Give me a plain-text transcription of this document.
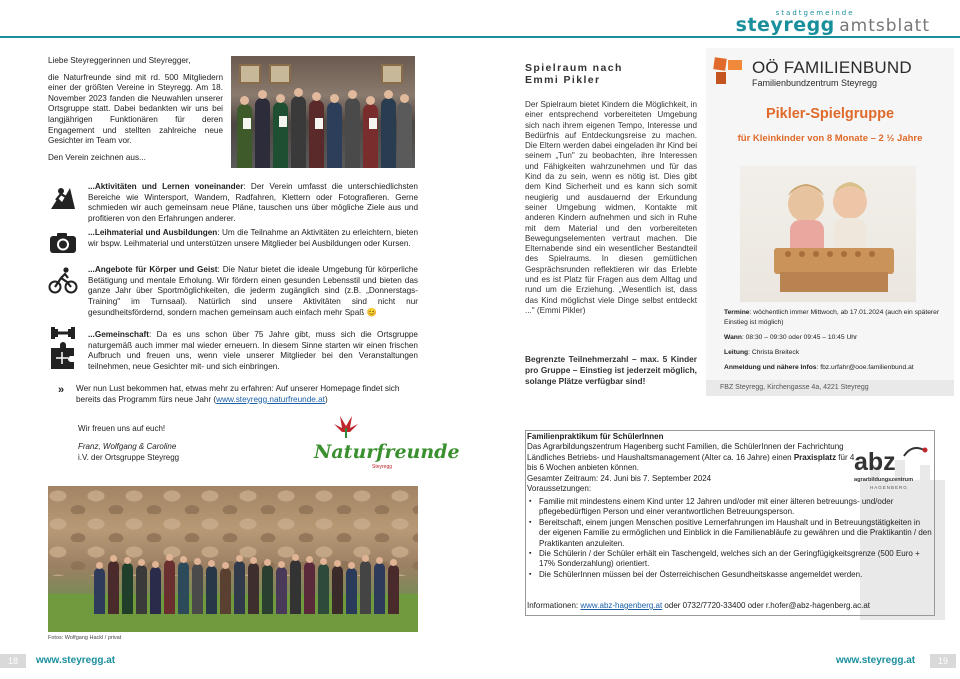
stadtgemeinde
steyregg amtsblatt

Liebe Steyreggerinnen und Steyregger,

die Naturfreunde sind mit rd. 500 Mitgliedern einer der größten Vereine in Steyregg. Am 18. November 2023 fanden die Neuwahlen unserer Ortsgruppe statt. Dabei bedankten wir uns bei langjährigen Funktionären für deren Engagement und stellten zahlreiche neue Gesichter im Team vor.

Den Verein zeichnen aus...

...Aktivitäten und Lernen voneinander: Der Verein umfasst die unterschiedlichsten Bereiche wie Wintersport, Wandern, Radfahren, Klettern oder Fotografieren. Gerne schmieden wir auch gemeinsam neue Pläne, tauschen uns über mögliche Ziele aus und profitieren von den Erfahrungen anderer.
...Leihmaterial und Ausbildungen: Um die Teilnahme an Aktivitäten zu erleichtern, bieten wir bspw. Leihmaterial und unterstützen unsere Mitglieder bei Ausbildungen oder Kursen.
...Angebote für Körper und Geist: Die Natur bietet die ideale Umgebung für körperliche Betätigung und mentale Erholung. Wir fördern einen gesunden Lebensstil und bieten das ganze Jahr über Sportmöglichkeiten, die jederm zugänglich sind (z.B. „Donnerstags-Training" im Turnsaal). Natürlich sind unsere Aktivitäten sind nicht nur gesundheitsfördernd, sondern machen gemeinsam auch einfach mehr Spaß 😊
...Gemeinschaft: Da es uns schon über 75 Jahre gibt, muss sich die Ortsgruppe naturgemäß auch immer mal wieder erneuern. In diesem Sinne starten wir einen frischen Aufbruch und freuen uns, wenn viele unserer Mitglieder bei den Veranstaltungen teilnehmen, neue Gesichter mit- und sich einbringen.
» Wer nun Lust bekommen hat, etwas mehr zu erfahren: Auf unserer Homepage findet sich bereits das Programm fürs neue Jahr (www.steyregg.naturfreunde.at)
Wir freuen uns auf euch!
Franz, Wolfgang & Caroline
i.V. der Ortsgruppe Steyregg	Naturfreunde
Steyregg
Fotos: Wolfgang Hackl / privat
18	www.steyregg.at	www.steyregg.at	19
Spielraum nach
Emmi Pikler
Der Spielraum bietet Kindern die Möglichkeit, in einer entsprechend vorbereiteten Umgebung sich nach ihrem eigenen Tempo, Interesse und Bedürfnis auf Entdeckungsreise zu machen. Die Eltern werden dabei eingeladen ihr Kind bei seinem „Tun" zu beobachten, ihre Interessen und Fähigkeiten wahrzunehmen und für das Kind da zu sein, wenn es nötig ist. Dies gibt dem Kind Sicherheit und es kann sich somit neugierig und ausdauernd der Erkundung seiner Umgebung widmen, Kontakte mit anderen Kindern aufnehmen und sich in Ruhe mit dem Material und den vorbereiteten Bewegungselementen vertraut machen. Die Elternabende sind ein wesentlicher Bestandteil des Spielraums. In diesen gemütlichen Gesprächsrunden reflektieren wir das Erlebte und es ist Platz für Fragen aus dem Alltag und rund um die Erziehung. „Wesentlich ist, dass das Kind möglichst viele Dinge selbst entdeckt ..." (Emmi Pikler)
Begrenzte Teilnehmerzahl – max. 5 Kinder pro Gruppe – Einstieg ist jederzeit möglich, solange Plätze verfügbar sind!
OÖ FAMILIENBUND
Familienbundzentrum Steyregg
Pikler-Spielgruppe
für Kleinkinder von 8 Monate – 2 ½ Jahre

Termine: wöchentlich immer Mittwoch, ab 17.01.2024 (auch ein späterer Einstieg ist möglich)

Wann: 08:30 – 09:30 oder 09:45 – 10:45 Uhr

Leitung: Christa Breiteck

Anmeldung und nähere Infos: fbz.urfahr@ooe.familienbund.at

FBZ Steyregg, Kirchengasse 4a, 4221 Steyregg
Familienpraktikum für SchülerInnen
Das Agrarbildungszentrum Hagenberg sucht Familien, die SchülerInnen der Fachrichtung Ländliches Betriebs- und Haushaltsmanagement (Alter ca. 16 Jahre) einen Praxisplatz für 4 bis 6 Wochen anbieten können.
Gesamter Zeitraum: 24. Juni bis 7. September 2024
Voraussetzungen:
▪ Familie mit mindestens einem Kind unter 12 Jahren und/oder mit einer älteren betreuungs- und/oder pflegebedürftigen Person und einer verantwortlichen Betreuungsperson.
▪ Bereitschaft, einem jungen Menschen positive Lernerfahrungen im Haushalt und in Betreuungstätigkeiten in der eigenen Familie zu ermöglichen und Einblick in die Familienabläufe zu gewähren und die Praktikantin / den Praktikanten anzuleiten.
▪ Die Schülerin / der Schüler erhält ein Taschengeld, welches sich an der Geringfügigkeitsgrenze (500 Euro + 17% Sonderzahlung) orientiert.
▪ Die SchülerInnen müssen bei der Österreichischen Gesundheitskasse angemeldet werden.
Informationen: www.abz-hagenberg.at oder 0732/7720-33400 oder r.hofer@abz-hagenberg.ac.at
abz
agrarbildungszentrum
HAGENBERG
